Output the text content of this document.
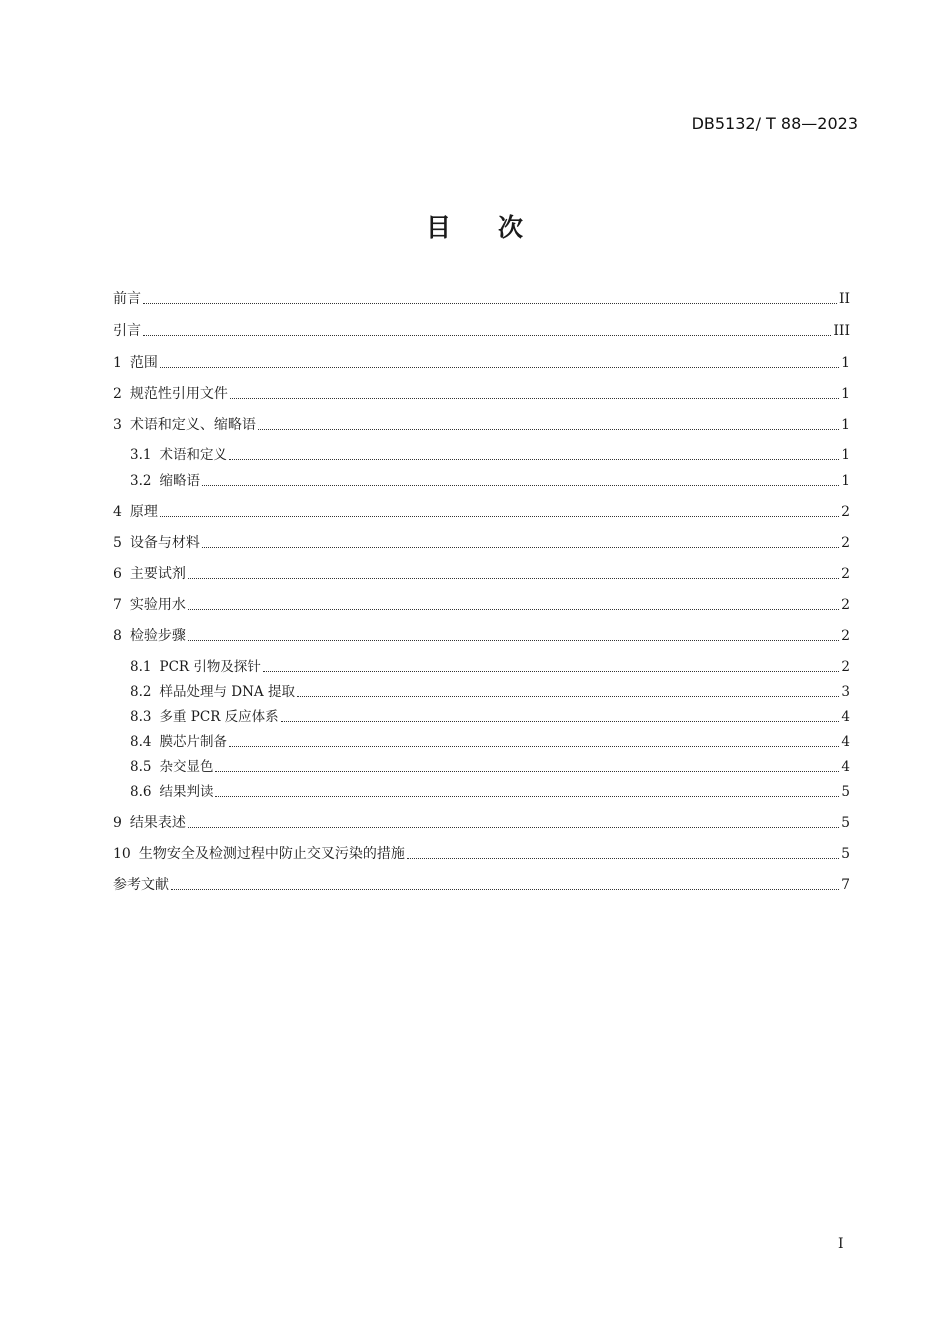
DB5132/ T 88—2023
目 次
前言	II
引言	III
1 范围	1
2 规范性引用文件	1
3 术语和定义、缩略语	1
3.1 术语和定义	1
3.2 缩略语	1
4 原理	2
5 设备与材料	2
6 主要试剂	2
7 实验用水	2
8 检验步骤	2
8.1 PCR 引物及探针	2
8.2 样品处理与 DNA 提取	3
8.3 多重 PCR 反应体系	4
8.4 膜芯片制备	4
8.5 杂交显色	4
8.6 结果判读	5
9 结果表述	5
10 生物安全及检测过程中防止交叉污染的措施	5
参考文献	7
I
